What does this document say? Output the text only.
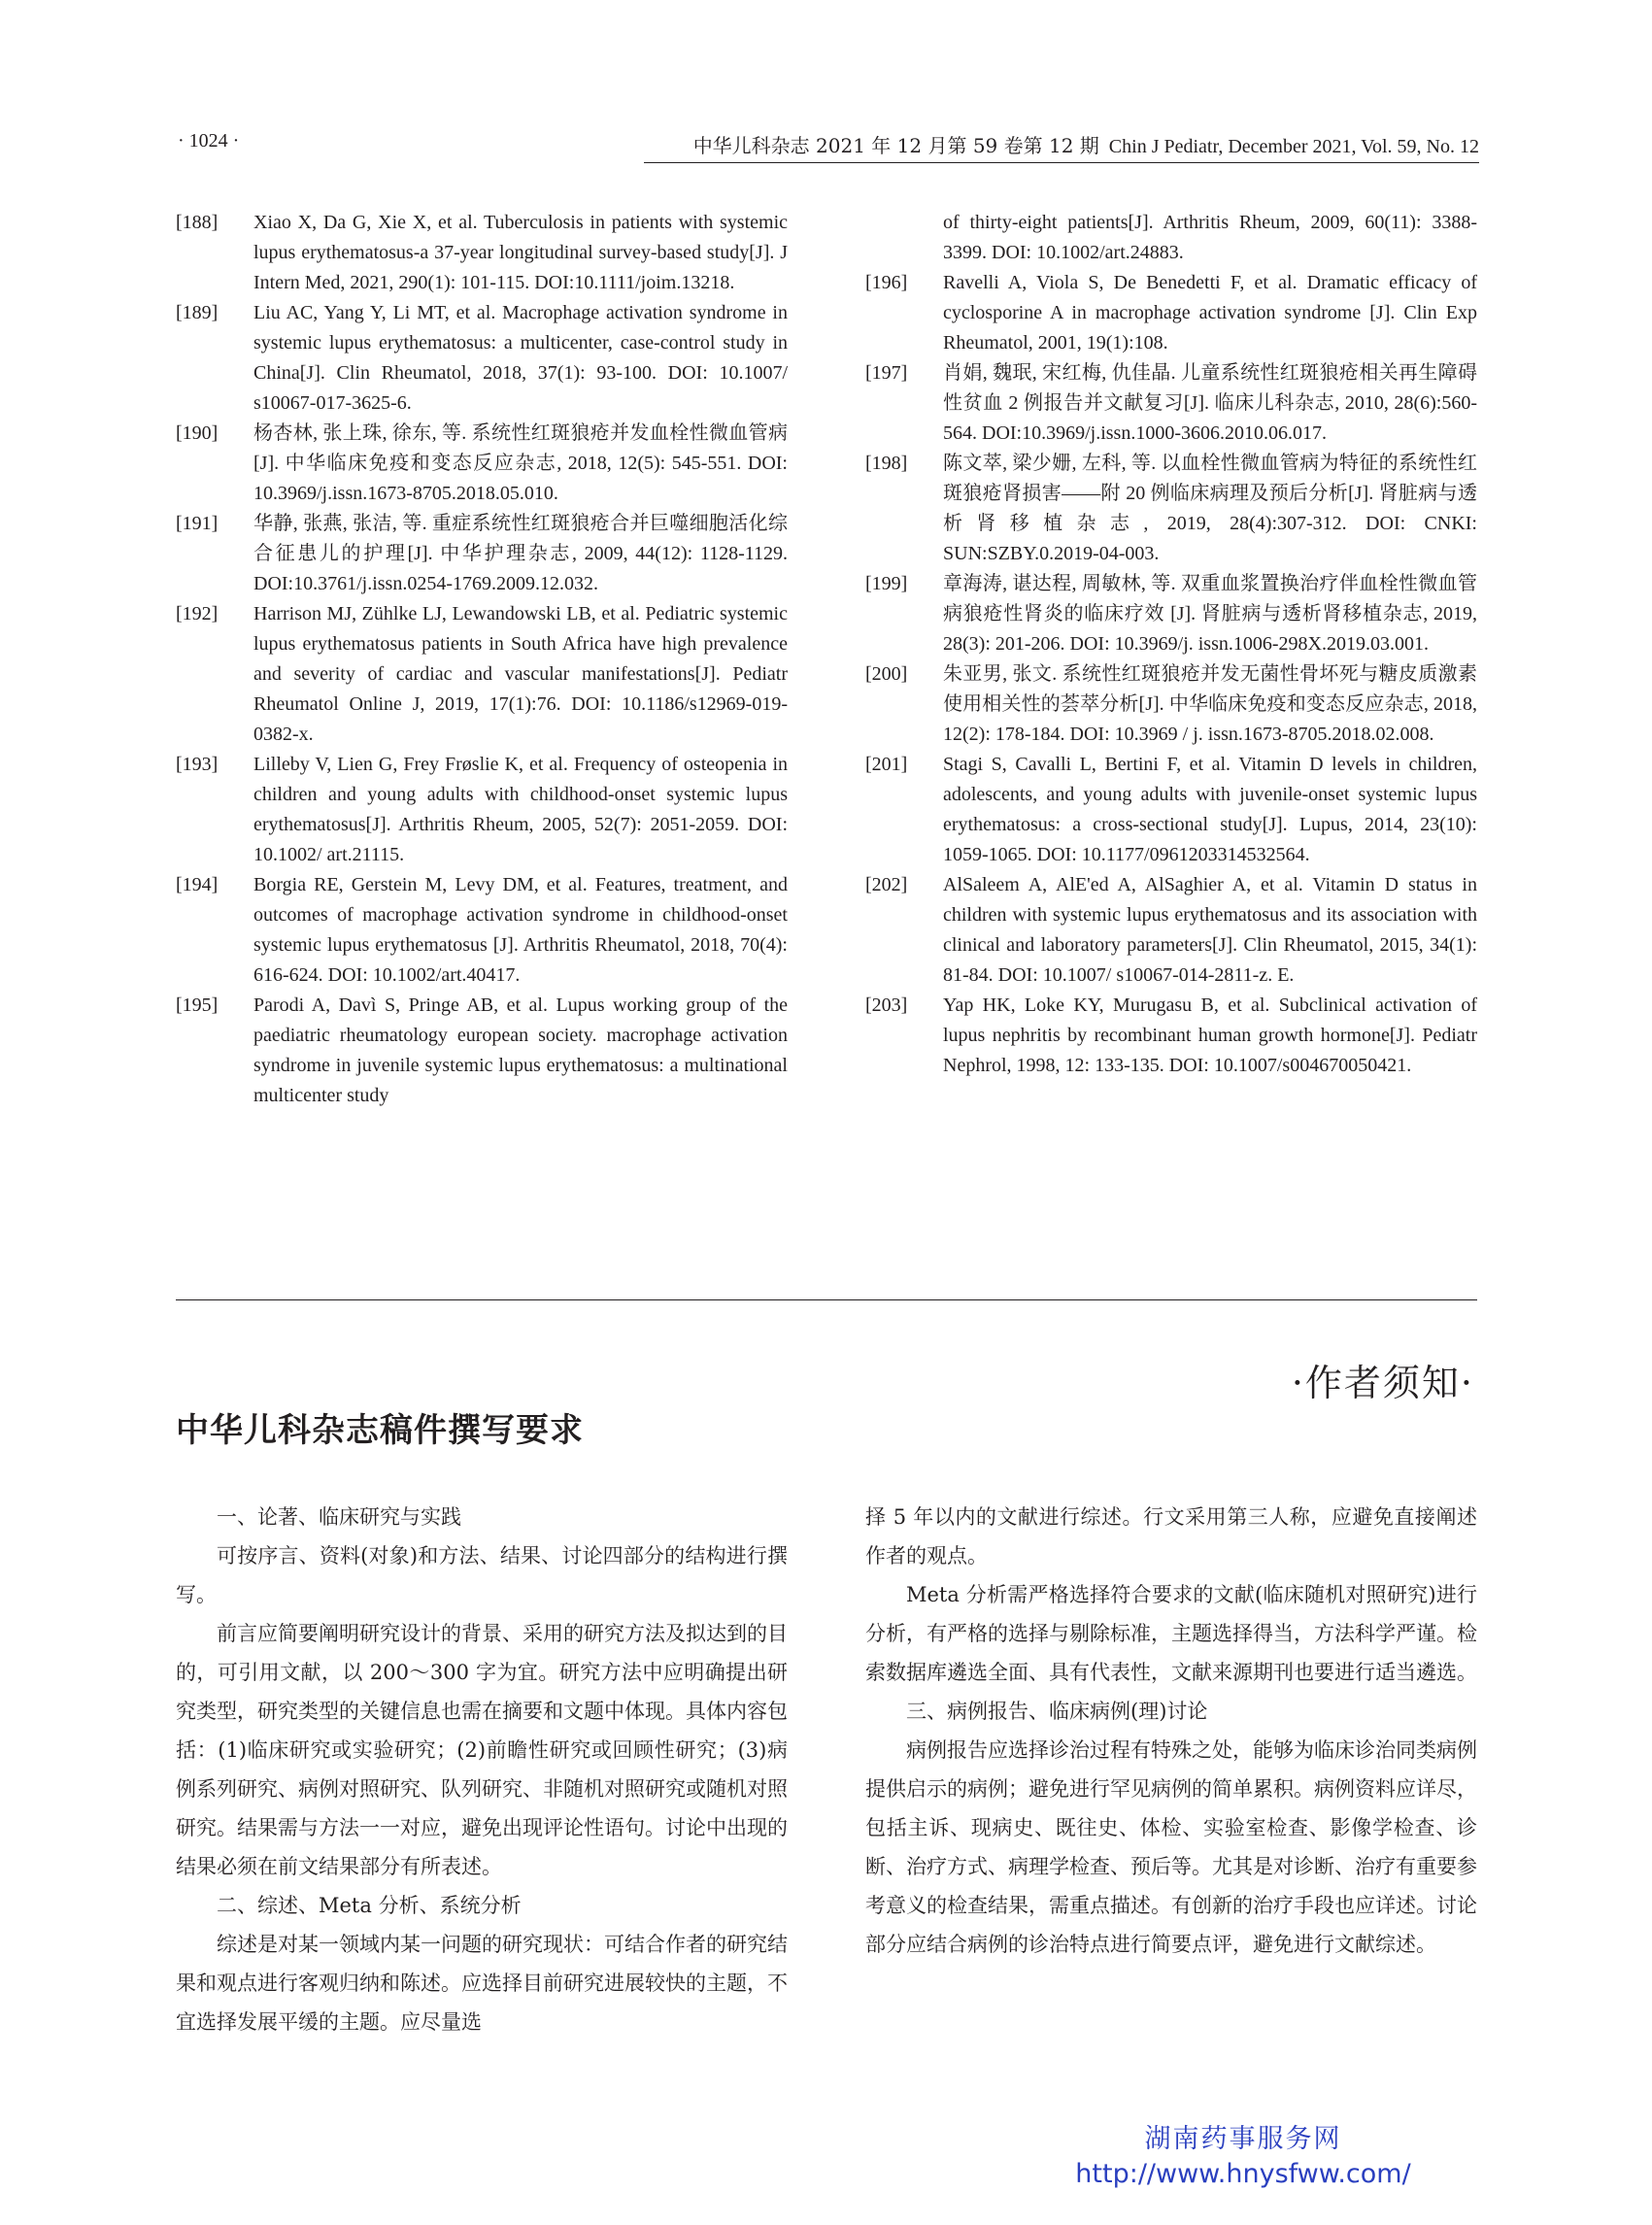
· 1024 ·	中华儿科杂志 2021 年 12 月第 59 卷第 12 期 Chin J Pediatr, December 2021, Vol. 59, No. 12
[188]	Xiao X, Da G, Xie X, et al. Tuberculosis in patients with systemic lupus erythematosus-a 37-year longitudinal survey-based study[J]. J Intern Med, 2021, 290(1): 101-115. DOI:10.1111/joim.13218.
[189]	Liu AC, Yang Y, Li MT, et al. Macrophage activation syndrome in systemic lupus erythematosus: a multicenter, case-control study in China[J]. Clin Rheumatol, 2018, 37(1): 93-100. DOI: 10.1007/ s10067-017-3625-6.
[190]	杨杏林, 张上珠, 徐东, 等. 系统性红斑狼疮并发血栓性微血管病 [J]. 中华临床免疫和变态反应杂志, 2018, 12(5): 545-551. DOI: 10.3969/j.issn.1673-8705.2018.05.010.
[191]	华静, 张燕, 张洁, 等. 重症系统性红斑狼疮合并巨噬细胞活化综合征患儿的护理[J]. 中华护理杂志, 2009, 44(12): 1128-1129. DOI:10.3761/j.issn.0254-1769.2009.12.032.
[192]	Harrison MJ, Zühlke LJ, Lewandowski LB, et al. Pediatric systemic lupus erythematosus patients in South Africa have high prevalence and severity of cardiac and vascular manifestations[J]. Pediatr Rheumatol Online J, 2019, 17(1):76. DOI: 10.1186/s12969-019-0382-x.
[193]	Lilleby V, Lien G, Frey Frøslie K, et al. Frequency of osteopenia in children and young adults with childhood-onset systemic lupus erythematosus[J]. Arthritis Rheum, 2005, 52(7): 2051-2059. DOI: 10.1002/ art.21115.
[194]	Borgia RE, Gerstein M, Levy DM, et al. Features, treatment, and outcomes of macrophage activation syndrome in childhood-onset systemic lupus erythematosus [J]. Arthritis Rheumatol, 2018, 70(4): 616-624. DOI: 10.1002/art.40417.
[195]	Parodi A, Davì S, Pringe AB, et al. Lupus working group of the paediatric rheumatology european society. macrophage activation syndrome in juvenile systemic lupus erythematosus: a multinational multicenter study
of thirty-eight patients[J]. Arthritis Rheum, 2009, 60(11): 3388-3399. DOI: 10.1002/art.24883.
[196]	Ravelli A, Viola S, De Benedetti F, et al. Dramatic efficacy of cyclosporine A in macrophage activation syndrome [J]. Clin Exp Rheumatol, 2001, 19(1):108.
[197]	肖娟, 魏珉, 宋红梅, 仇佳晶. 儿童系统性红斑狼疮相关再生障碍性贫血 2 例报告并文献复习[J]. 临床儿科杂志, 2010, 28(6):560-564. DOI:10.3969/j.issn.1000-3606.2010.06.017.
[198]	陈文萃, 梁少姗, 左科, 等. 以血栓性微血管病为特征的系统性红斑狼疮肾损害——附 20 例临床病理及预后分析[J]. 肾脏病与透析肾移植杂志, 2019, 28(4):307-312. DOI: CNKI: SUN:SZBY.0.2019-04-003.
[199]	章海涛, 谌达程, 周敏林, 等. 双重血浆置换治疗伴血栓性微血管病狼疮性肾炎的临床疗效 [J]. 肾脏病与透析肾移植杂志, 2019, 28(3): 201-206. DOI: 10.3969/j. issn.1006-298X.2019.03.001.
[200]	朱亚男, 张文. 系统性红斑狼疮并发无菌性骨坏死与糖皮质激素使用相关性的荟萃分析[J]. 中华临床免疫和变态反应杂志, 2018, 12(2): 178-184. DOI: 10.3969 / j. issn.1673-8705.2018.02.008.
[201]	Stagi S, Cavalli L, Bertini F, et al. Vitamin D levels in children, adolescents, and young adults with juvenile-onset systemic lupus erythematosus: a cross-sectional study[J]. Lupus, 2014, 23(10): 1059-1065. DOI: 10.1177/0961203314532564.
[202]	AlSaleem A, AlE'ed A, AlSaghier A, et al. Vitamin D status in children with systemic lupus erythematosus and its association with clinical and laboratory parameters[J]. Clin Rheumatol, 2015, 34(1): 81-84. DOI: 10.1007/ s10067-014-2811-z. E.
[203]	Yap HK, Loke KY, Murugasu B, et al. Subclinical activation of lupus nephritis by recombinant human growth hormone[J]. Pediatr Nephrol, 1998, 12: 133-135. DOI: 10.1007/s004670050421.
·作者须知·
中华儿科杂志稿件撰写要求

一、论著、临床研究与实践

可按序言、资料(对象)和方法、结果、讨论四部分的结构进行撰写。

前言应简要阐明研究设计的背景、采用的研究方法及拟达到的目的，可引用文献，以 200～300 字为宜。研究方法中应明确提出研究类型，研究类型的关键信息也需在摘要和文题中体现。具体内容包括：(1)临床研究或实验研究；(2)前瞻性研究或回顾性研究；(3)病例系列研究、病例对照研究、队列研究、非随机对照研究或随机对照研究。结果需与方法一一对应，避免出现评论性语句。讨论中出现的结果必须在前文结果部分有所表述。

二、综述、Meta 分析、系统分析

综述是对某一领域内某一问题的研究现状：可结合作者的研究结果和观点进行客观归纳和陈述。应选择目前研究进展较快的主题，不宜选择发展平缓的主题。应尽量选

择 5 年以内的文献进行综述。行文采用第三人称，应避免直接阐述作者的观点。

Meta 分析需严格选择符合要求的文献(临床随机对照研究)进行分析，有严格的选择与剔除标准，主题选择得当，方法科学严谨。检索数据库遴选全面、具有代表性，文献来源期刊也要进行适当遴选。

三、病例报告、临床病例(理)讨论

病例报告应选择诊治过程有特殊之处，能够为临床诊治同类病例提供启示的病例；避免进行罕见病例的简单累积。病例资料应详尽，包括主诉、现病史、既往史、体检、实验室检查、影像学检查、诊断、治疗方式、病理学检查、预后等。尤其是对诊断、治疗有重要参考意义的检查结果，需重点描述。有创新的治疗手段也应详述。讨论部分应结合病例的诊治特点进行简要点评，避免进行文献综述。

湖南药事服务网
http://www.hnysfww.com/
